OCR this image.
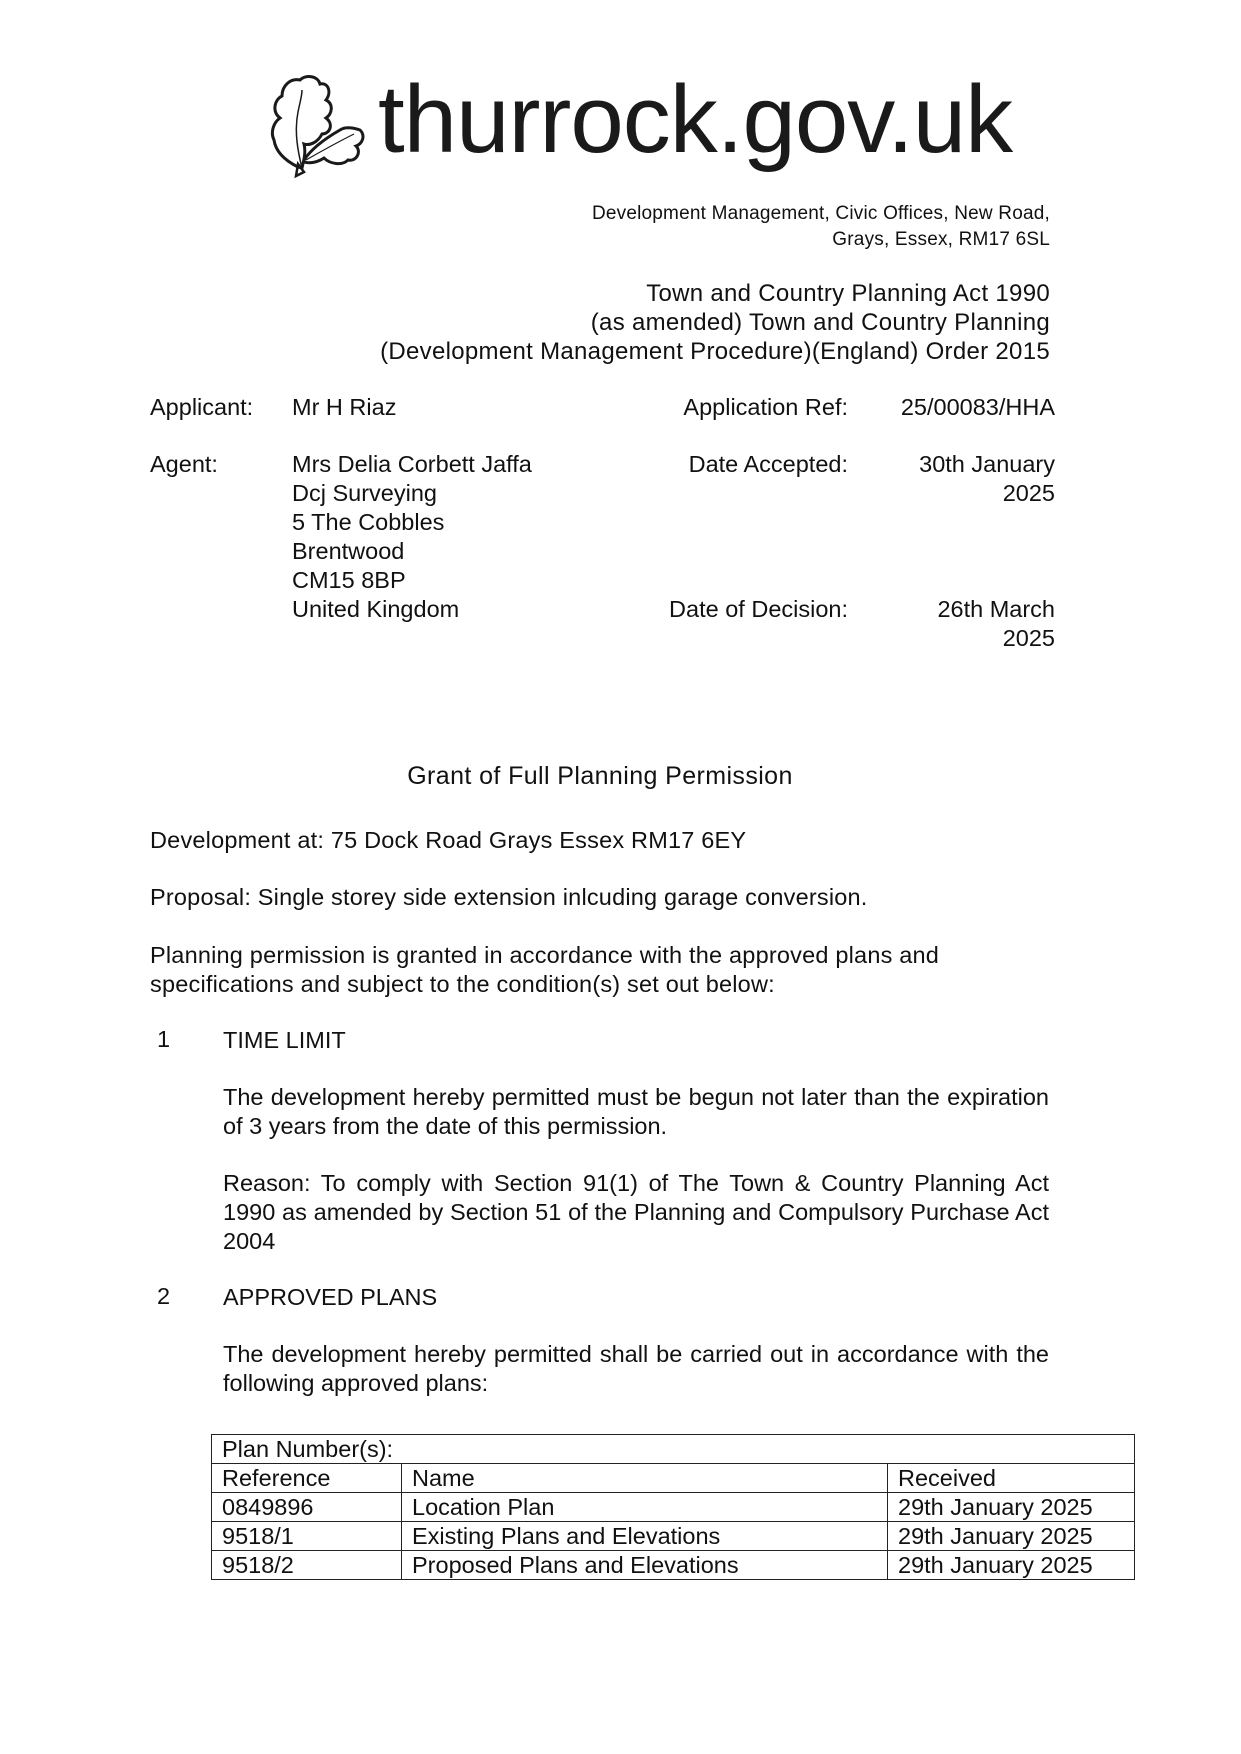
thurrock.gov.uk
Development Management, Civic Offices, New Road,
Grays, Essex, RM17 6SL
Town and Country Planning Act 1990
(as amended) Town and Country Planning
(Development Management Procedure)(England) Order 2015
Applicant: Mr H Riaz	Application Ref: 25/00083/HHA
Agent:	Mrs Delia Corbett Jaffa
Dcj Surveying
5 The Cobbles
Brentwood
CM15 8BP
United Kingdom
Date Accepted:	30th January
2025
Date of Decision:	26th March
2025
Grant of Full Planning Permission
Development at: 75 Dock Road Grays Essex RM17 6EY
Proposal: Single storey side extension inlcuding garage conversion.
Planning permission is granted in accordance with the approved plans and
specifications and subject to the condition(s) set out below:
1 TIME LIMIT
The development hereby permitted must be begun not later than the expiration of 3 years from the date of this permission.
Reason: To comply with Section 91(1) of The Town & Country Planning Act 1990 as amended by Section 51 of the Planning and Compulsory Purchase Act 2004
2 APPROVED PLANS
The development hereby permitted shall be carried out in accordance with the following approved plans:
Plan Number(s):		
Reference	Name	Received
0849896	Location Plan	29th January 2025
9518/1	Existing Plans and Elevations	29th January 2025
9518/2	Proposed Plans and Elevations	29th January 2025
